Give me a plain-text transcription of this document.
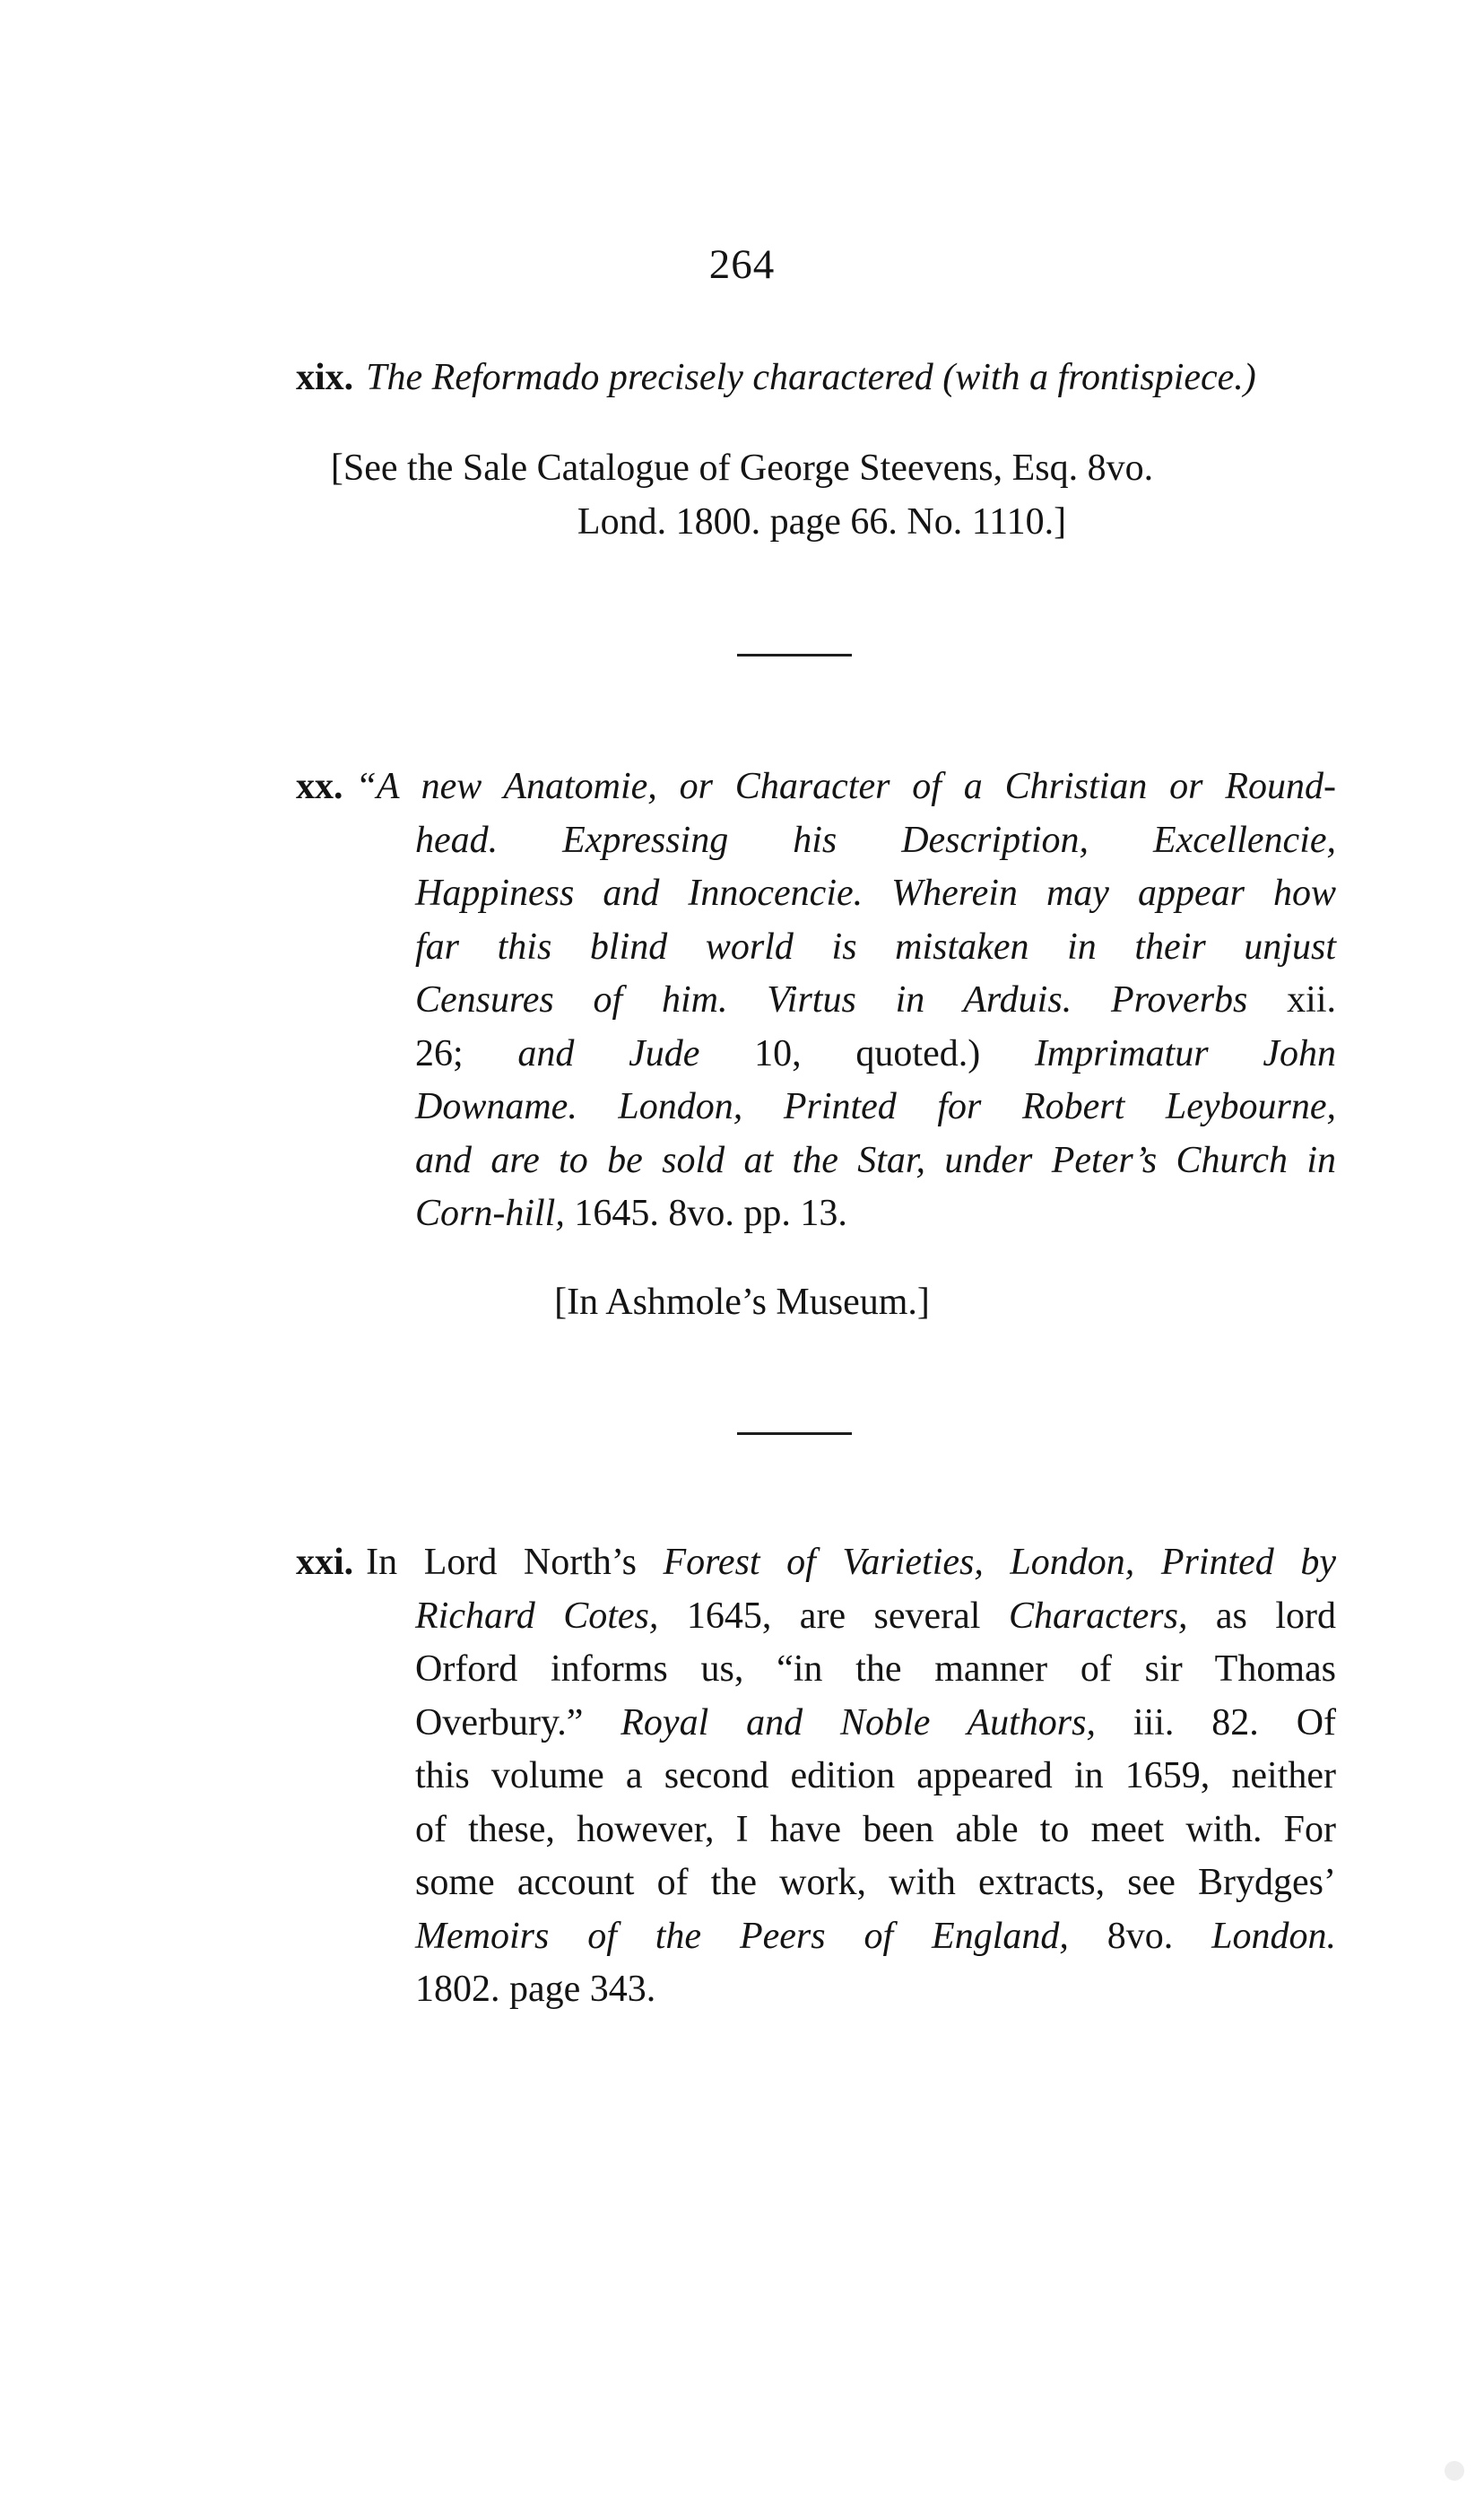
264
xix. The Reformado precisely charactered (with a frontispiece.)
[See the Sale Catalogue of George Steevens, Esq. 8vo.
Lond. 1800. page 66. No. 1110.]
xx. “A new Anatomie, or Character of a Christian or Round-
head. Expressing his Description, Excellencie,
Happiness and Innocencie. Wherein may appear how
far this blind world is mistaken in their unjust
Censures of him. Virtus in Arduis. Proverbs xii.
26; and Jude 10, quoted.) Imprimatur John
Downame. London, Printed for Robert Leybourne,
and are to be sold at the Star, under Peter’s Church in
Corn-hill, 1645. 8vo. pp. 13.
[In Ashmole’s Museum.]
xxi. In Lord North’s Forest of Varieties, London, Printed by
Richard Cotes, 1645, are several Characters, as lord
Orford informs us, “in the manner of sir Thomas
Overbury.” Royal and Noble Authors, iii. 82. Of
this volume a second edition appeared in 1659, neither
of these, however, I have been able to meet with. For
some account of the work, with extracts, see Brydges’
Memoirs of the Peers of England, 8vo. London.
1802. page 343.
